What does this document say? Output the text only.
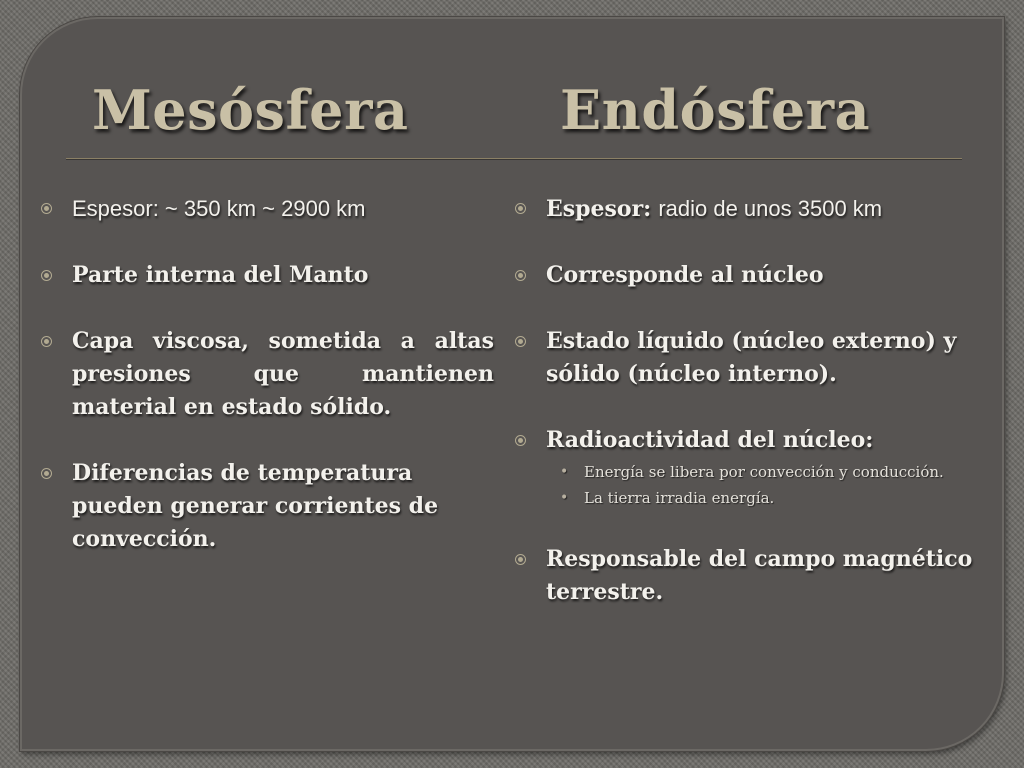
Mesósfera	Endósfera
Espesor: ~ 350 km ~ 2900 km
Parte interna del Manto
Capa viscosa, sometida a altas presiones que mantienen material en estado sólido.
Diferencias de temperatura pueden generar corrientes de convección.
Espesor: radio de unos 3500 km
Corresponde al núcleo
Estado líquido (núcleo externo) y sólido (núcleo interno).
Radioactividad del núcleo:
• Energía se libera por convección y conducción.
• La tierra irradia energía.
Responsable del campo magnético terrestre.
